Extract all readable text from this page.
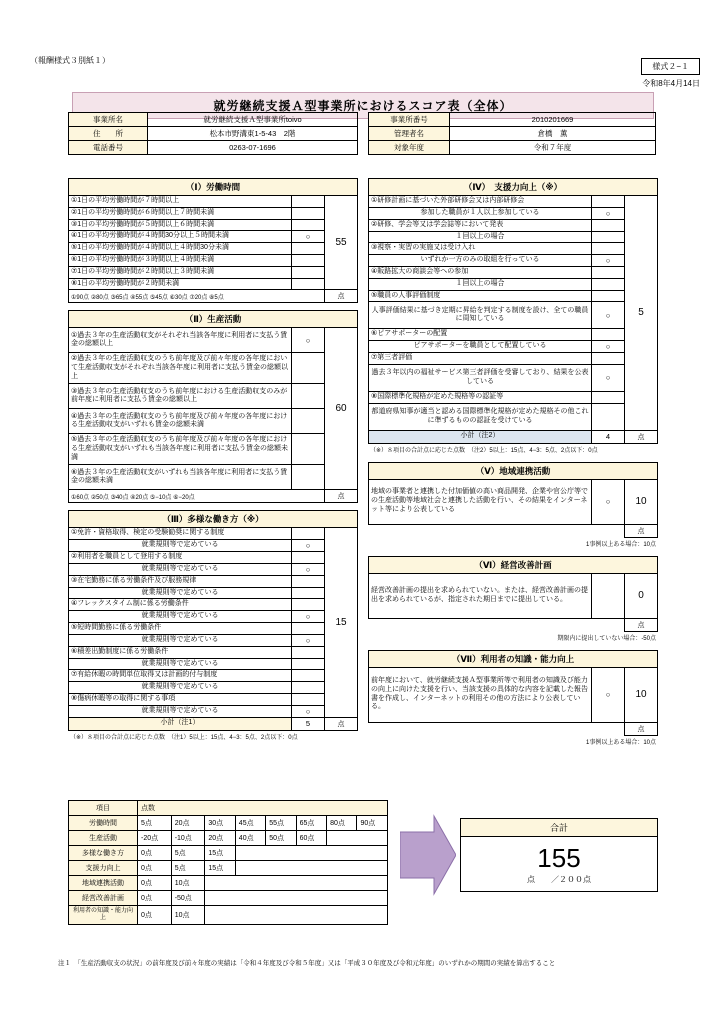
（報酬様式３別紙１）
様式２−１
令和8年4月14日
就労継続支援Ａ型事業所におけるスコア表（全体）
事業所名	就労継続支援Ａ型事業所toivo
住　　所	松本市野溝東1-5-43　2階
電話番号	0263-07-1696
事業所番号	2010201669
管理者名	倉橋　薫
対象年度	令和７年度
（Ⅰ）労働時間		
①1日の平均労働時間が７時間以上		55
②1日の平均労働時間が６時間以上７時間未満		
③1日の平均労働時間が５時間以上６時間未満		
④1日の平均労働時間が４時間30分以上５時間未満	○	
⑤1日の平均労働時間が４時間以上４時間30分未満		
⑥1日の平均労働時間が３時間以上４時間未満		
⑦1日の平均労働時間が２時間以上３時間未満		
⑧1日の平均労働時間が２時間未満		
①90点 ②80点 ③65点 ④55点 ⑤45点 ⑥30点 ⑦20点 ⑧5点		点
（Ⅱ）生産活動		
①過去３年の生産活動収支がそれぞれ当該各年度に利用者に支払う賃金の総額以上	○	60
②過去３年の生産活動収支のうち前年度及び前々年度の各年度において生産活動収支がそれぞれ当該各年度に利用者に支払う賃金の総額以上		
③過去３年の生産活動収支のうち前年度における生産活動収支のみが前年度に利用者に支払う賃金の総額以上		
④過去３年の生産活動収支のうち前年度及び前々年度の各年度における生産活動収支がいずれも賃金の総額未満		
⑤過去３年の生産活動収支のうち前年度及び前々年度の各年度における生産活動収支がいずれも当該各年度に利用者に支払う賃金の総額未満		
⑥過去３年の生産活動収支がいずれも当該各年度に利用者に支払う賃金の総額未満		
①60点 ②50点 ③40点 ④20点 ⑤−10点 ⑥−20点		点
（Ⅲ）多様な働き方（※）		
①免許・資格取得、検定の受験勧奨に関する制度		15
就業規則等で定めている	○	
②利用者を職員として登用する制度		
就業規則等で定めている	○	
③在宅勤務に係る労働条件及び服務規律		
就業規則等で定めている		
④フレックスタイム制に係る労働条件		
就業規則等で定めている	○	
⑤短時間勤務に係る労働条件		
就業規則等で定めている	○	
⑥積差出勤制度に係る労働条件		
就業規則等で定めている		
⑦有給休暇の時間単位取得又は計画的付与制度		
就業規則等で定めている		
⑧傷病休暇等の取得に関する事項		
就業規則等で定めている	○	
小計（注1）	5	点
（※）８項目の合計点に応じた点数　（注1）5以上：15点、4−3：5点、2点以下：0点
（Ⅳ）　支援力向上（※）		
①研修計画に基づいた外部研修会又は内部研修会		5
参加した職員が１人以上参加している	○	
②研修、学会等又は学会誌等において発表		
１回以上の場合		
③視察・実習の実施又は受け入れ		
いずれか一方のみの取組を行っている	○	
④販路拡大の商談会等への参加		
１回以上の場合		
⑤職員の人事評価制度		
人事評価結果に基づき定期に昇給を判定する制度を設け、全ての職員に周知している	○	
⑥ピアサポーターの配置		
ピアサポーターを職員として配置している	○	
⑦第三者評価		
過去３年以内の福祉サービス第三者評価を受審しており、結果を公表している	○	
⑧国際標準化規格が定めた規格等の認証等		
都道府県知事が適当と認める国際標準化規格が定めた規格その他これに準ずるものの認証を受けている		
小計（注2）	4	点
（※）８項目の合計点に応じた点数　（注2）5以上：15点、4−3：5点、2点以下：0点
（Ⅴ）地域連携活動		
地域の事業者と連携した付加価値の高い商品開発、企業や官公庁等での生産活動等地域社会と連携した活動を行い、その結果をインターネット等により公表している	○	10
		点
1事例以上ある場合：10点
（Ⅵ）経営改善計画		
経営改善計画の提出を求められていない。または、経営改善計画の提出を求められているが、指定された期日までに提出している。		0
		点
期限内に提出していない場合：-50点
（Ⅶ）利用者の知識・能力向上		
前年度において、就労継続支援Ａ型事業所等で利用者の知識及び能力の向上に向けた支援を行い、当該支援の具体的な内容を記載した報告書を作成し、インターネットの利用その他の方法により公表している。	○	10
		点
1事例以上ある場合：10点
項目	点数							
労働時間	5点	20点	30点	45点	55点	65点	80点	90点
生産活動	-20点	-10点	20点	40点	50点	60点		
多様な働き方	0点	5点	15点					
支援力向上	0点	5点	15点					
地域連携活動	0点	10点						
経営改善計画	0点	-50点						
利用者の知識・能力向上	0点	10点						
合計
155
点　　／２００点
注１　「生産活動収支の状況」の前年度及び前々年度の実績は「令和４年度及び令和５年度」又は「平成３０年度及び令和元年度」のいずれかの期間の実績を算出すること
